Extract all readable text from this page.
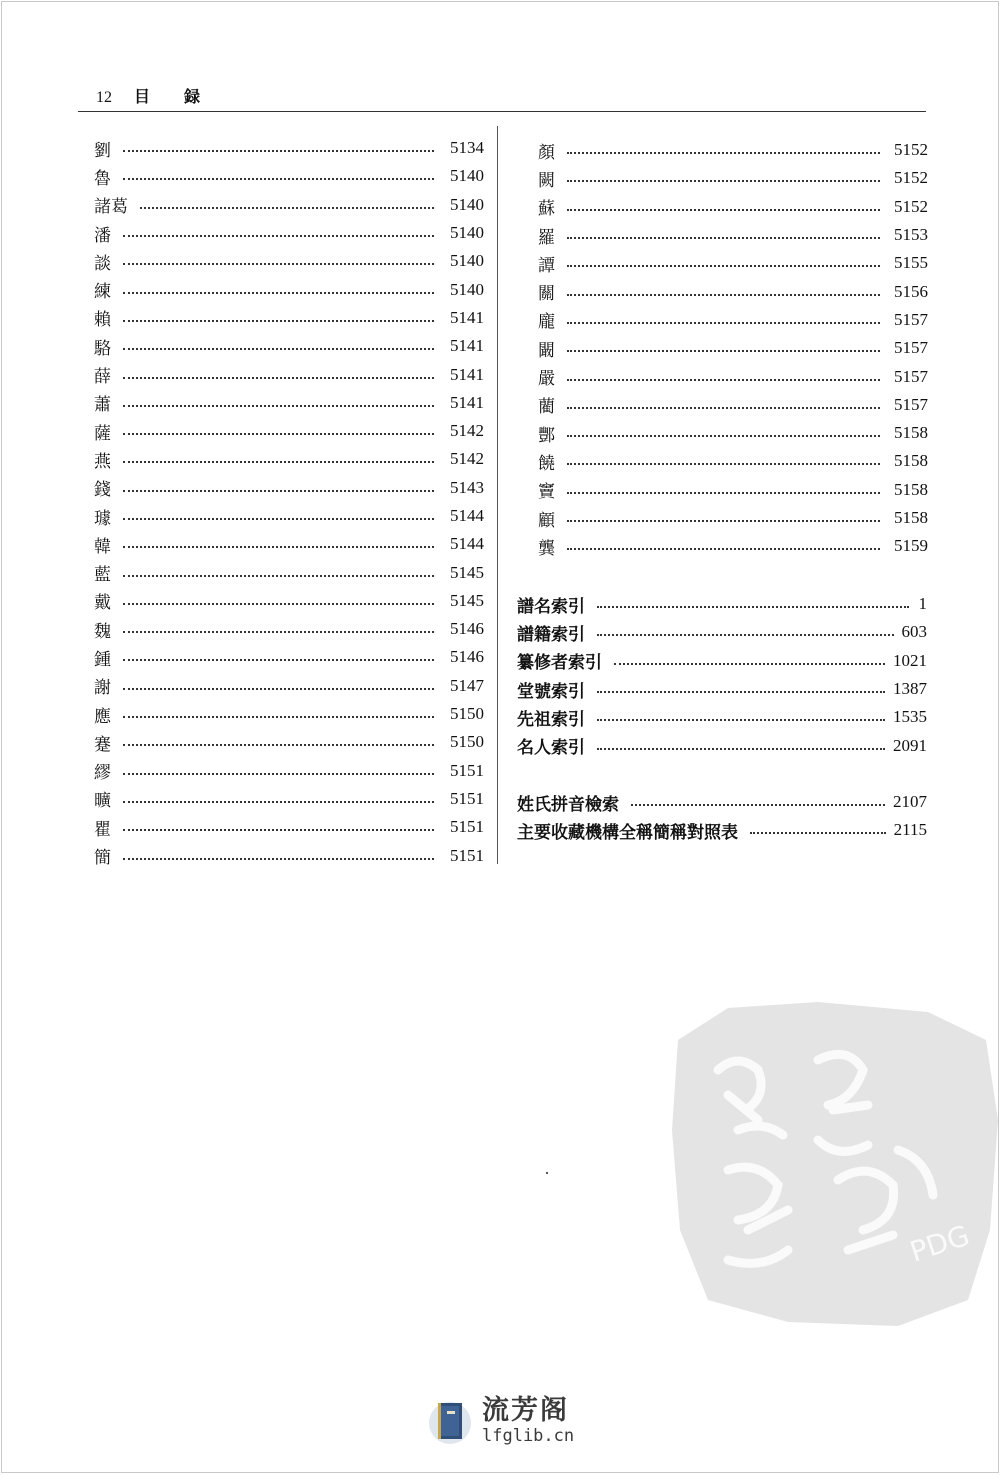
12 目 録
劉	5134
魯	5140
諸葛	5140
潘	5140
談	5140
練	5140
賴	5141
駱	5141
薛	5141
蕭	5141
薩	5142
燕	5142
錢	5143
璩	5144
韓	5144
藍	5145
戴	5145
魏	5146
鍾	5146
謝	5147
應	5150
蹇	5150
繆	5151
曠	5151
瞿	5151
簡	5151
顏	5152
闕	5152
蘇	5152
羅	5153
譚	5155
關	5156
龐	5157
闞	5157
嚴	5157
藺	5157
酆	5158
饒	5158
竇	5158
顧	5158
龔	5159
譜名索引	1
譜籍索引	603
纂修者索引	1021
堂號索引	1387
先祖索引	1535
名人索引	2091
姓氏拼音檢索	2107
主要收藏機構全稱簡稱對照表	2115
PDG
流芳阁
lfglib.cn
